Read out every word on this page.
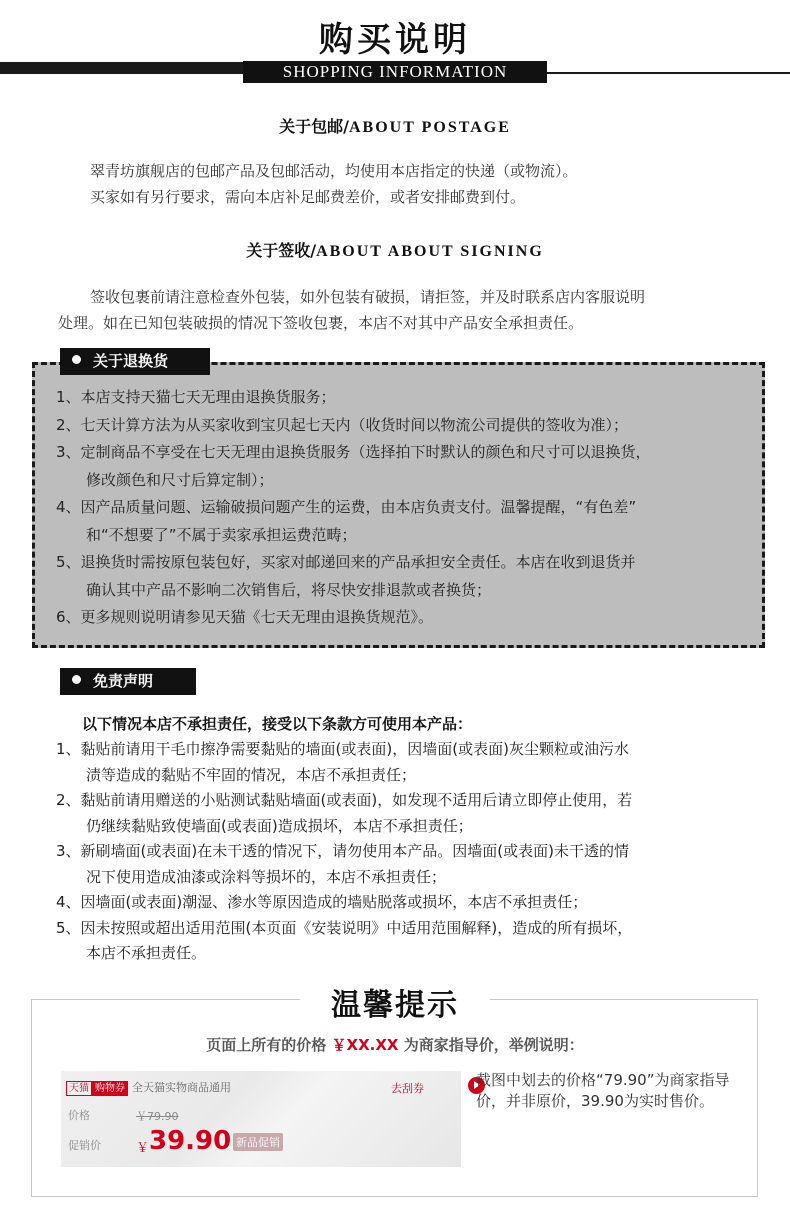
购买说明
SHOPPING INFORMATION
关于包邮/ABOUT POSTAGE
翠青坊旗舰店的包邮产品及包邮活动，均使用本店指定的快递（或物流）。
买家如有另行要求，需向本店补足邮费差价，或者安排邮费到付。
关于签收/ABOUT ABOUT SIGNING
签收包裹前请注意检查外包装，如外包装有破损，请拒签，并及时联系店内客服说明
处理。如在已知包装破损的情况下签收包裹，本店不对其中产品安全承担责任。
关于退换货
1、本店支持天猫七天无理由退换货服务；
2、七天计算方法为从买家收到宝贝起七天内（收货时间以物流公司提供的签收为准）；
3、定制商品不享受在七天无理由退换货服务（选择拍下时默认的颜色和尺寸可以退换货，
修改颜色和尺寸后算定制）；
4、因产品质量问题、运输破损问题产生的运费，由本店负责支付。温馨提醒，“有色差”
和“不想要了”不属于卖家承担运费范畴；
5、退换货时需按原包装包好，买家对邮递回来的产品承担安全责任。本店在收到退货并
确认其中产品不影响二次销售后，将尽快安排退款或者换货；
6、更多规则说明请参见天猫《七天无理由退换货规范》。
免责声明
以下情况本店不承担责任，接受以下条款方可使用本产品：
1、黏贴前请用干毛巾擦净需要黏贴的墙面(或表面)，因墙面(或表面)灰尘颗粒或油污水
渍等造成的黏贴不牢固的情况，本店不承担责任；
2、黏贴前请用赠送的小贴测试黏贴墙面(或表面)，如发现不适用后请立即停止使用，若
仍继续黏贴致使墙面(或表面)造成损坏，本店不承担责任；
3、新刷墙面(或表面)在未干透的情况下，请勿使用本产品。因墙面(或表面)未干透的情
况下使用造成油漆或涂料等损坏的，本店不承担责任；
4、因墙面(或表面)潮湿、渗水等原因造成的墙贴脱落或损坏，本店不承担责任；
5、因未按照或超出适用范围(本页面《安装说明》中适用范围解释)，造成的所有损坏，
本店不承担责任。
温馨提示
页面上所有的价格 ￥XX.XX 为商家指导价，举例说明：
天猫 购物券 全天猫实物商品通用	去刮券
价格	￥79.90
促销价	￥ 39.90 新品促销
截图中划去的价格“79.90”为商家指导价，并非原价，39.90为实时售价。
